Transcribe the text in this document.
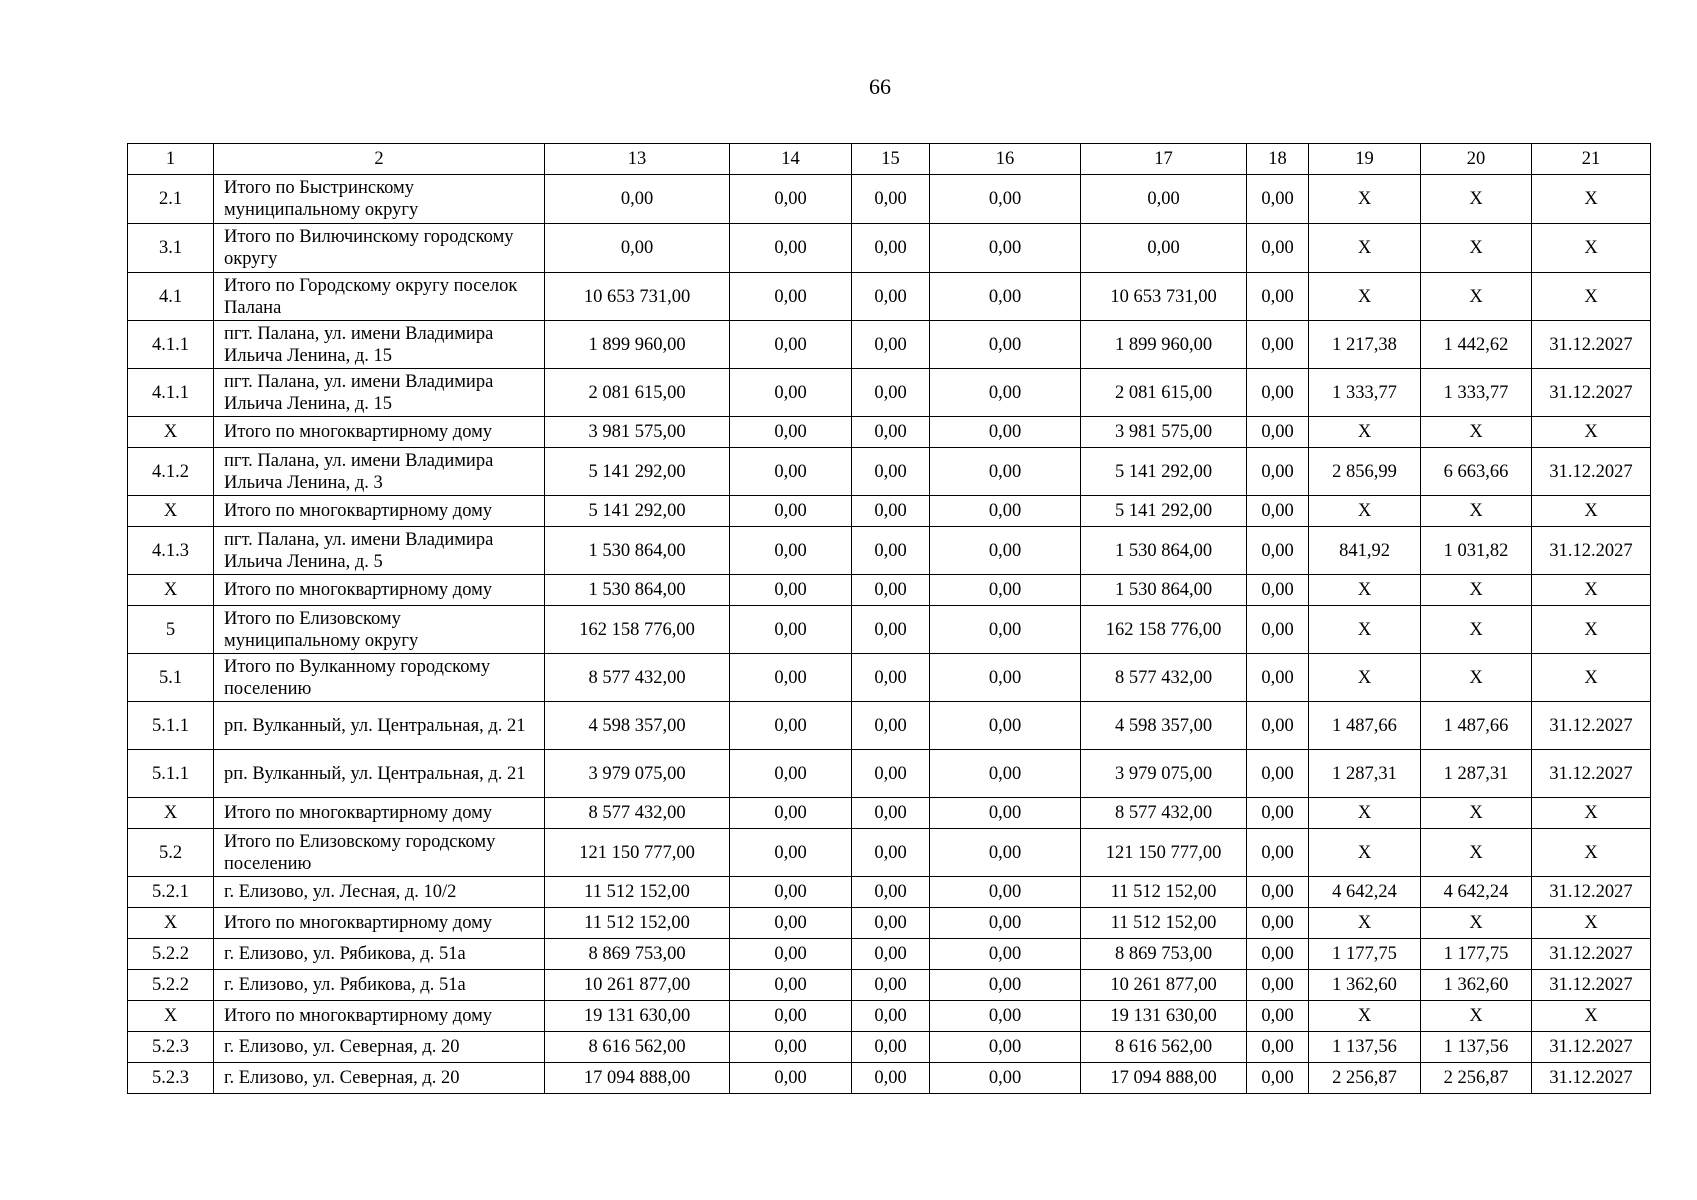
66
1	2	13	14	15	16	17	18	19	20	21
2.1	Итого по Быстринскому муниципальному округу	0,00	0,00	0,00	0,00	0,00	0,00	X	X	X
3.1	Итого по Вилючинскому городскому округу	0,00	0,00	0,00	0,00	0,00	0,00	X	X	X
4.1	Итого по Городскому округу поселок Палана	10 653 731,00	0,00	0,00	0,00	10 653 731,00	0,00	X	X	X
4.1.1	пгт. Палана, ул. имени Владимира Ильича Ленина, д. 15	1 899 960,00	0,00	0,00	0,00	1 899 960,00	0,00	1 217,38	1 442,62	31.12.2027
4.1.1	пгт. Палана, ул. имени Владимира Ильича Ленина, д. 15	2 081 615,00	0,00	0,00	0,00	2 081 615,00	0,00	1 333,77	1 333,77	31.12.2027
X	Итого по многоквартирному дому	3 981 575,00	0,00	0,00	0,00	3 981 575,00	0,00	X	X	X
4.1.2	пгт. Палана, ул. имени Владимира Ильича Ленина, д. 3	5 141 292,00	0,00	0,00	0,00	5 141 292,00	0,00	2 856,99	6 663,66	31.12.2027
X	Итого по многоквартирному дому	5 141 292,00	0,00	0,00	0,00	5 141 292,00	0,00	X	X	X
4.1.3	пгт. Палана, ул. имени Владимира Ильича Ленина, д. 5	1 530 864,00	0,00	0,00	0,00	1 530 864,00	0,00	841,92	1 031,82	31.12.2027
X	Итого по многоквартирному дому	1 530 864,00	0,00	0,00	0,00	1 530 864,00	0,00	X	X	X
5	Итого по Елизовскому муниципальному округу	162 158 776,00	0,00	0,00	0,00	162 158 776,00	0,00	X	X	X
5.1	Итого по Вулканному городскому поселению	8 577 432,00	0,00	0,00	0,00	8 577 432,00	0,00	X	X	X
5.1.1	рп. Вулканный, ул. Центральная, д. 21	4 598 357,00	0,00	0,00	0,00	4 598 357,00	0,00	1 487,66	1 487,66	31.12.2027
5.1.1	рп. Вулканный, ул. Центральная, д. 21	3 979 075,00	0,00	0,00	0,00	3 979 075,00	0,00	1 287,31	1 287,31	31.12.2027
X	Итого по многоквартирному дому	8 577 432,00	0,00	0,00	0,00	8 577 432,00	0,00	X	X	X
5.2	Итого по Елизовскому городскому поселению	121 150 777,00	0,00	0,00	0,00	121 150 777,00	0,00	X	X	X
5.2.1	г. Елизово, ул. Лесная, д. 10/2	11 512 152,00	0,00	0,00	0,00	11 512 152,00	0,00	4 642,24	4 642,24	31.12.2027
X	Итого по многоквартирному дому	11 512 152,00	0,00	0,00	0,00	11 512 152,00	0,00	X	X	X
5.2.2	г. Елизово, ул. Рябикова, д. 51а	8 869 753,00	0,00	0,00	0,00	8 869 753,00	0,00	1 177,75	1 177,75	31.12.2027
5.2.2	г. Елизово, ул. Рябикова, д. 51а	10 261 877,00	0,00	0,00	0,00	10 261 877,00	0,00	1 362,60	1 362,60	31.12.2027
X	Итого по многоквартирному дому	19 131 630,00	0,00	0,00	0,00	19 131 630,00	0,00	X	X	X
5.2.3	г. Елизово, ул. Северная, д. 20	8 616 562,00	0,00	0,00	0,00	8 616 562,00	0,00	1 137,56	1 137,56	31.12.2027
5.2.3	г. Елизово, ул. Северная, д. 20	17 094 888,00	0,00	0,00	0,00	17 094 888,00	0,00	2 256,87	2 256,87	31.12.2027
